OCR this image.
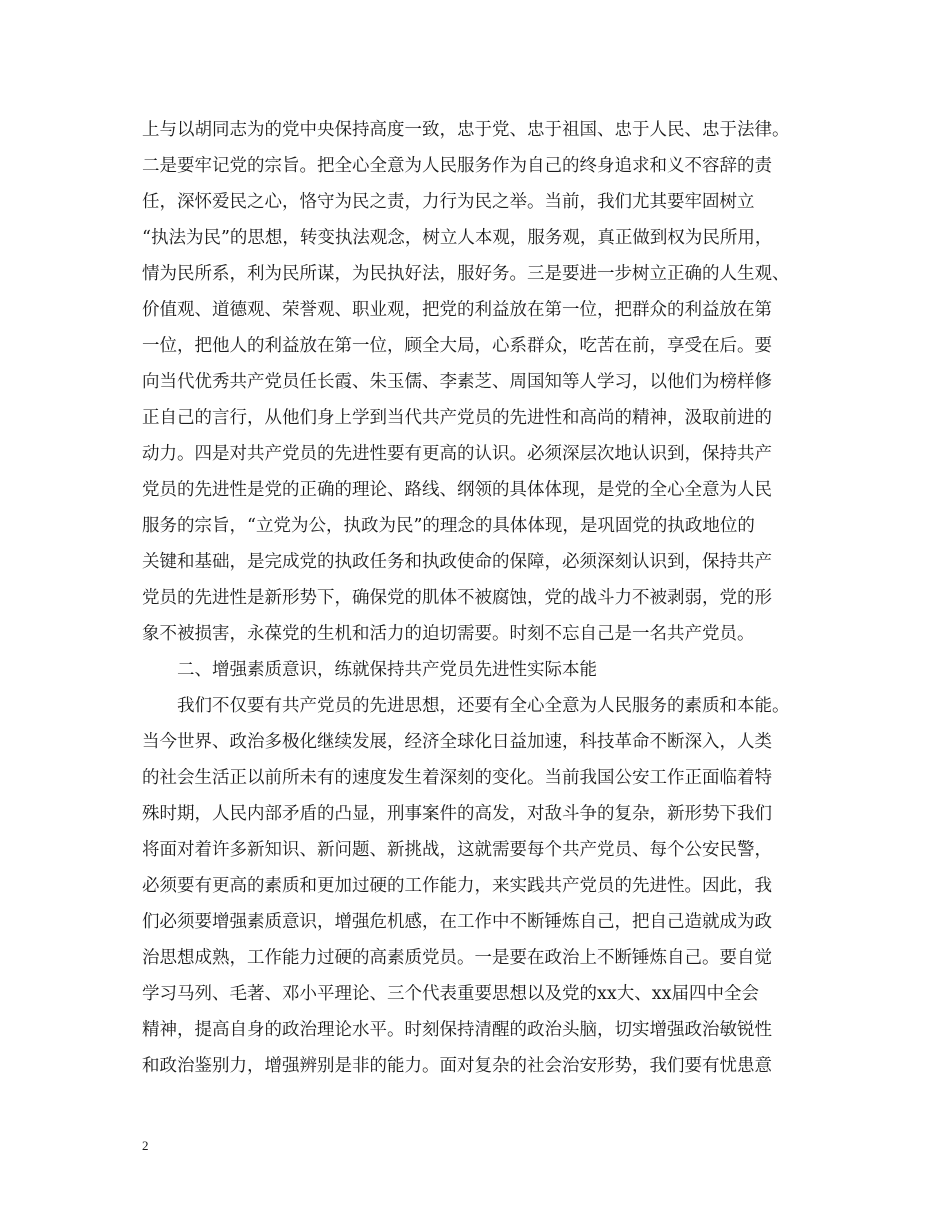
上与以胡同志为的党中央保持高度一致，忠于党、忠于祖国、忠于人民、忠于法律。
二是要牢记党的宗旨。把全心全意为人民服务作为自己的终身追求和义不容辞的责
任，深怀爱民之心，恪守为民之责，力行为民之举。当前，我们尤其要牢固树立
“执法为民”的思想，转变执法观念，树立人本观，服务观，真正做到权为民所用，
情为民所系，利为民所谋，为民执好法，服好务。三是要进一步树立正确的人生观、
价值观、道德观、荣誉观、职业观，把党的利益放在第一位，把群众的利益放在第
一位，把他人的利益放在第一位，顾全大局，心系群众，吃苦在前，享受在后。要
向当代优秀共产党员任长霞、朱玉儒、李素芝、周国知等人学习，以他们为榜样修
正自己的言行，从他们身上学到当代共产党员的先进性和高尚的精神，汲取前进的
动力。四是对共产党员的先进性要有更高的认识。必须深层次地认识到，保持共产
党员的先进性是党的正确的理论、路线、纲领的具体体现，是党的全心全意为人民
服务的宗旨，“立党为公，执政为民”的理念的具体体现，是巩固党的执政地位的
关键和基础，是完成党的执政任务和执政使命的保障，必须深刻认识到，保持共产
党员的先进性是新形势下，确保党的肌体不被腐蚀，党的战斗力不被剥弱，党的形
象不被损害，永葆党的生机和活力的迫切需要。时刻不忘自己是一名共产党员。
二、增强素质意识，练就保持共产党员先进性实际本能
我们不仅要有共产党员的先进思想，还要有全心全意为人民服务的素质和本能。
当今世界、政治多极化继续发展，经济全球化日益加速，科技革命不断深入，人类
的社会生活正以前所未有的速度发生着深刻的变化。当前我国公安工作正面临着特
殊时期，人民内部矛盾的凸显，刑事案件的高发，对敌斗争的复杂，新形势下我们
将面对着许多新知识、新问题、新挑战，这就需要每个共产党员、每个公安民警，
必须要有更高的素质和更加过硬的工作能力，来实践共产党员的先进性。因此，我
们必须要增强素质意识，增强危机感，在工作中不断锤炼自己，把自己造就成为政
治思想成熟，工作能力过硬的高素质党员。一是要在政治上不断锤炼自己。要自觉
学习马列、毛著、邓小平理论、三个代表重要思想以及党的xx大、xx届四中全会
精神，提高自身的政治理论水平。时刻保持清醒的政治头脑，切实增强政治敏锐性
和政治鉴别力，增强辨别是非的能力。面对复杂的社会治安形势，我们要有忧患意
2
